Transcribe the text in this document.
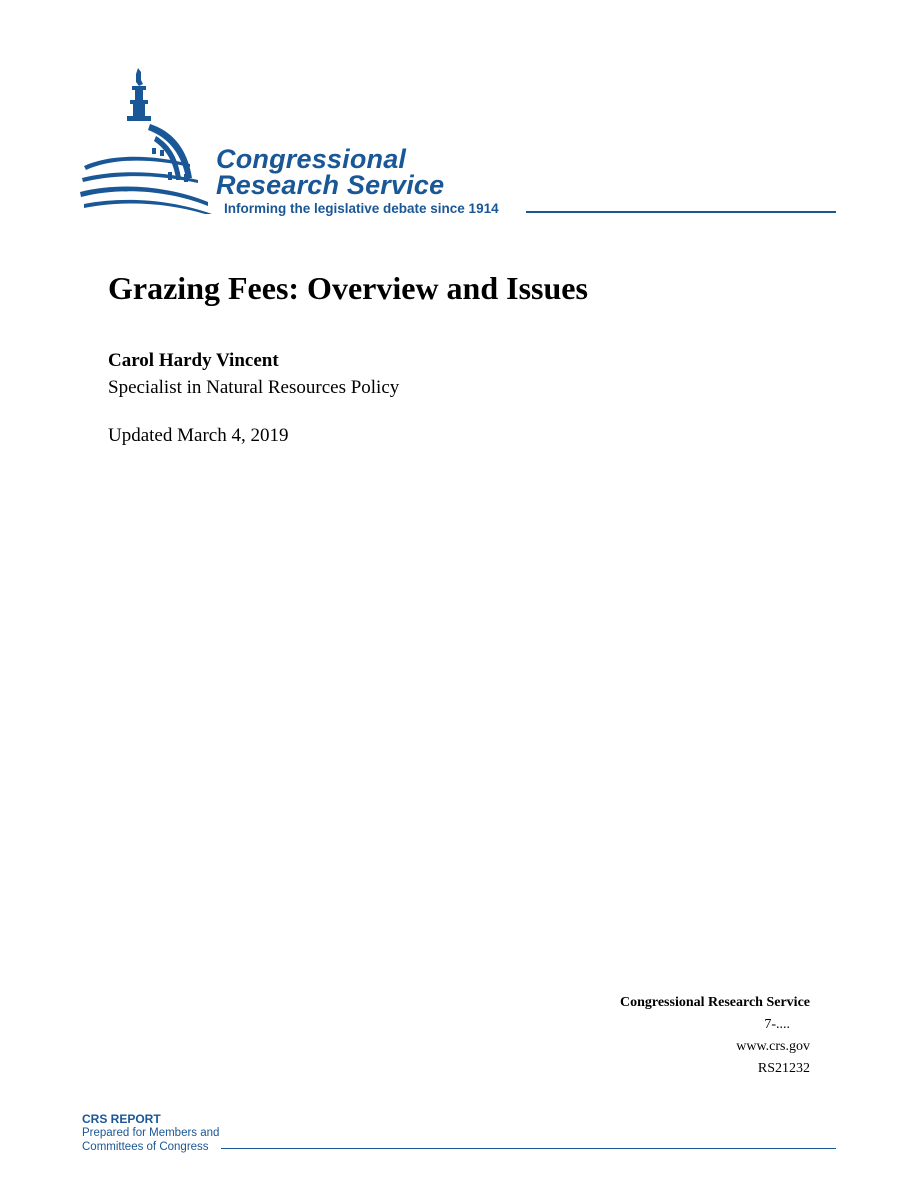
Congressional
Research Service
Informing the legislative debate since 1914
Grazing Fees: Overview and Issues
Carol Hardy Vincent
Specialist in Natural Resources Policy
Updated March 4, 2019
Congressional Research Service
7-....
www.crs.gov
RS21232
CRS REPORT
Prepared for Members and
Committees of Congress
